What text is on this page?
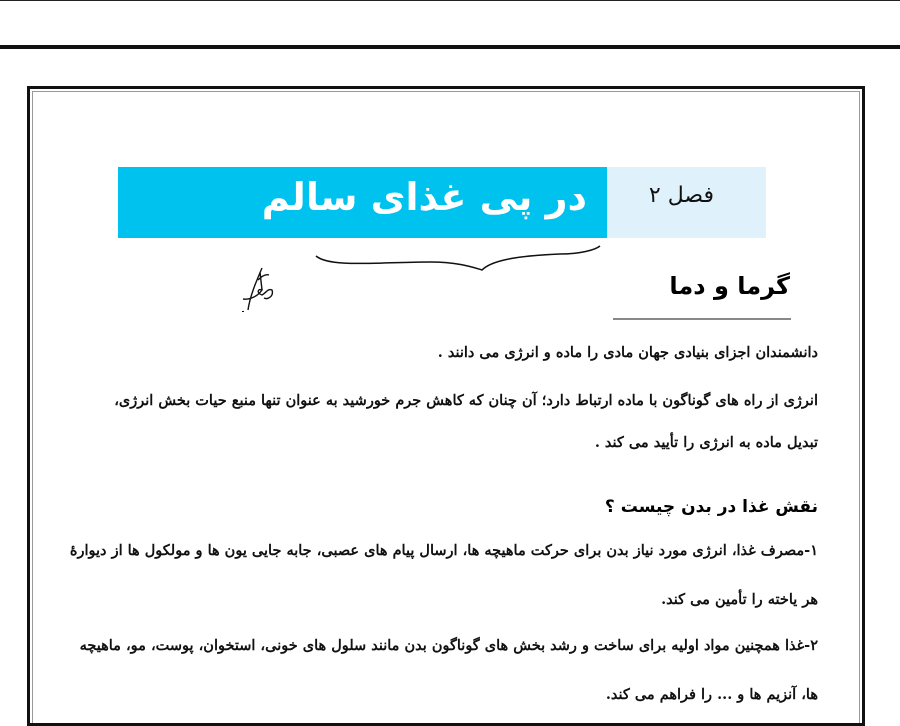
در پی غذای سالم	فصل ۲
گرما و دما
دانشمندان اجزای بنیادی جهان مادی را ماده و انرژی می دانند .
انرژی از راه های گوناگون با ماده ارتباط دارد؛ آن چنان که کاهش جرم خورشید به عنوان تنها منبع حیات بخش انرژی،
تبدیل ماده به انرژی را تأیید می کند .
نقش غذا در بدن چیست ؟
۱-مصرف غذا، انرژی مورد نیاز بدن برای حرکت ماهیچه ها، ارسال پیام های عصبی، جابه جایی یون ها و مولکول ها از دیوارهٔ
هر یاخته را تأمین می کند.
۲-غذا همچنین مواد اولیه برای ساخت و رشد بخش های گوناگون بدن مانند سلول های خونی، استخوان، پوست، مو، ماهیچه
ها، آنزیم ها و ... را فراهم می کند.
